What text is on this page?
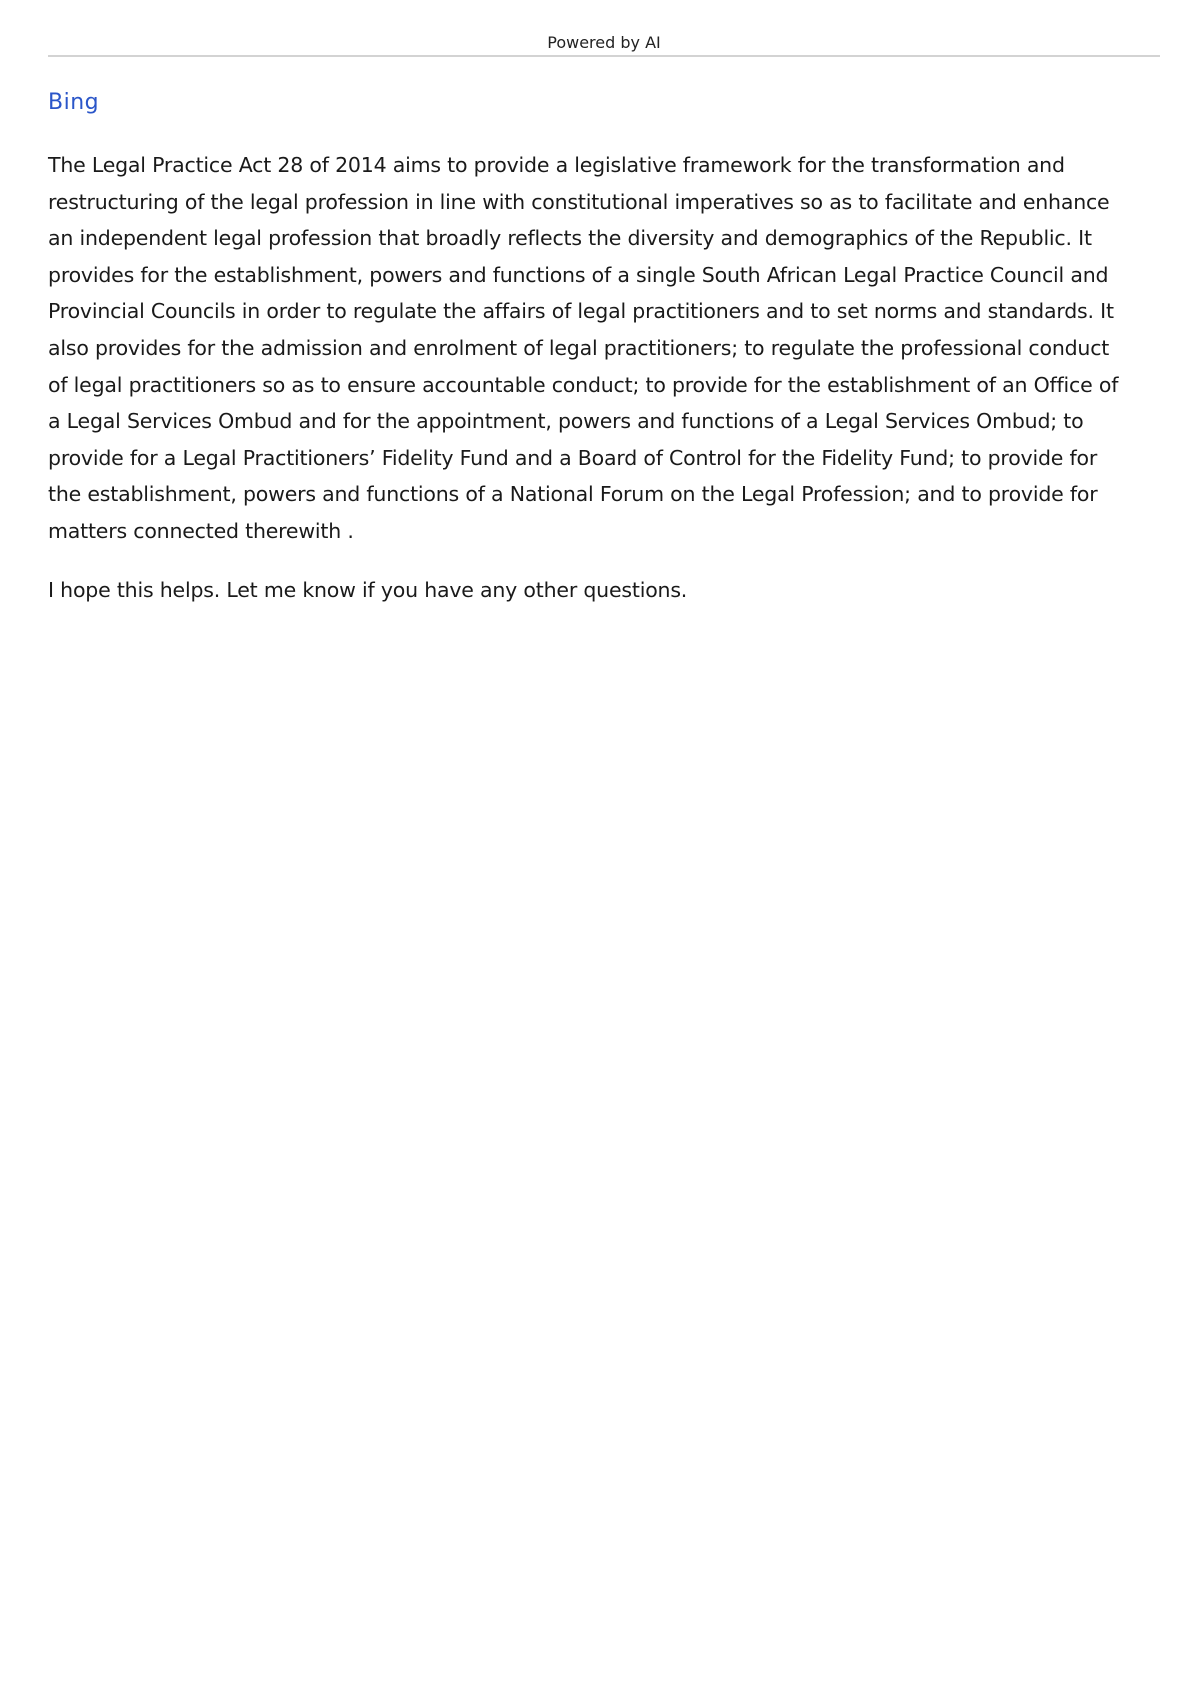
Powered by AI
Bing

The Legal Practice Act 28 of 2014 aims to provide a legislative framework for the transformation and
restructuring of the legal profession in line with constitutional imperatives so as to facilitate and enhance
an independent legal profession that broadly reflects the diversity and demographics of the Republic. It
provides for the establishment, powers and functions of a single South African Legal Practice Council and
Provincial Councils in order to regulate the affairs of legal practitioners and to set norms and standards. It
also provides for the admission and enrolment of legal practitioners; to regulate the professional conduct
of legal practitioners so as to ensure accountable conduct; to provide for the establishment of an Office of
a Legal Services Ombud and for the appointment, powers and functions of a Legal Services Ombud; to
provide for a Legal Practitioners’ Fidelity Fund and a Board of Control for the Fidelity Fund; to provide for
the establishment, powers and functions of a National Forum on the Legal Profession; and to provide for
matters connected therewith .

I hope this helps. Let me know if you have any other questions.
